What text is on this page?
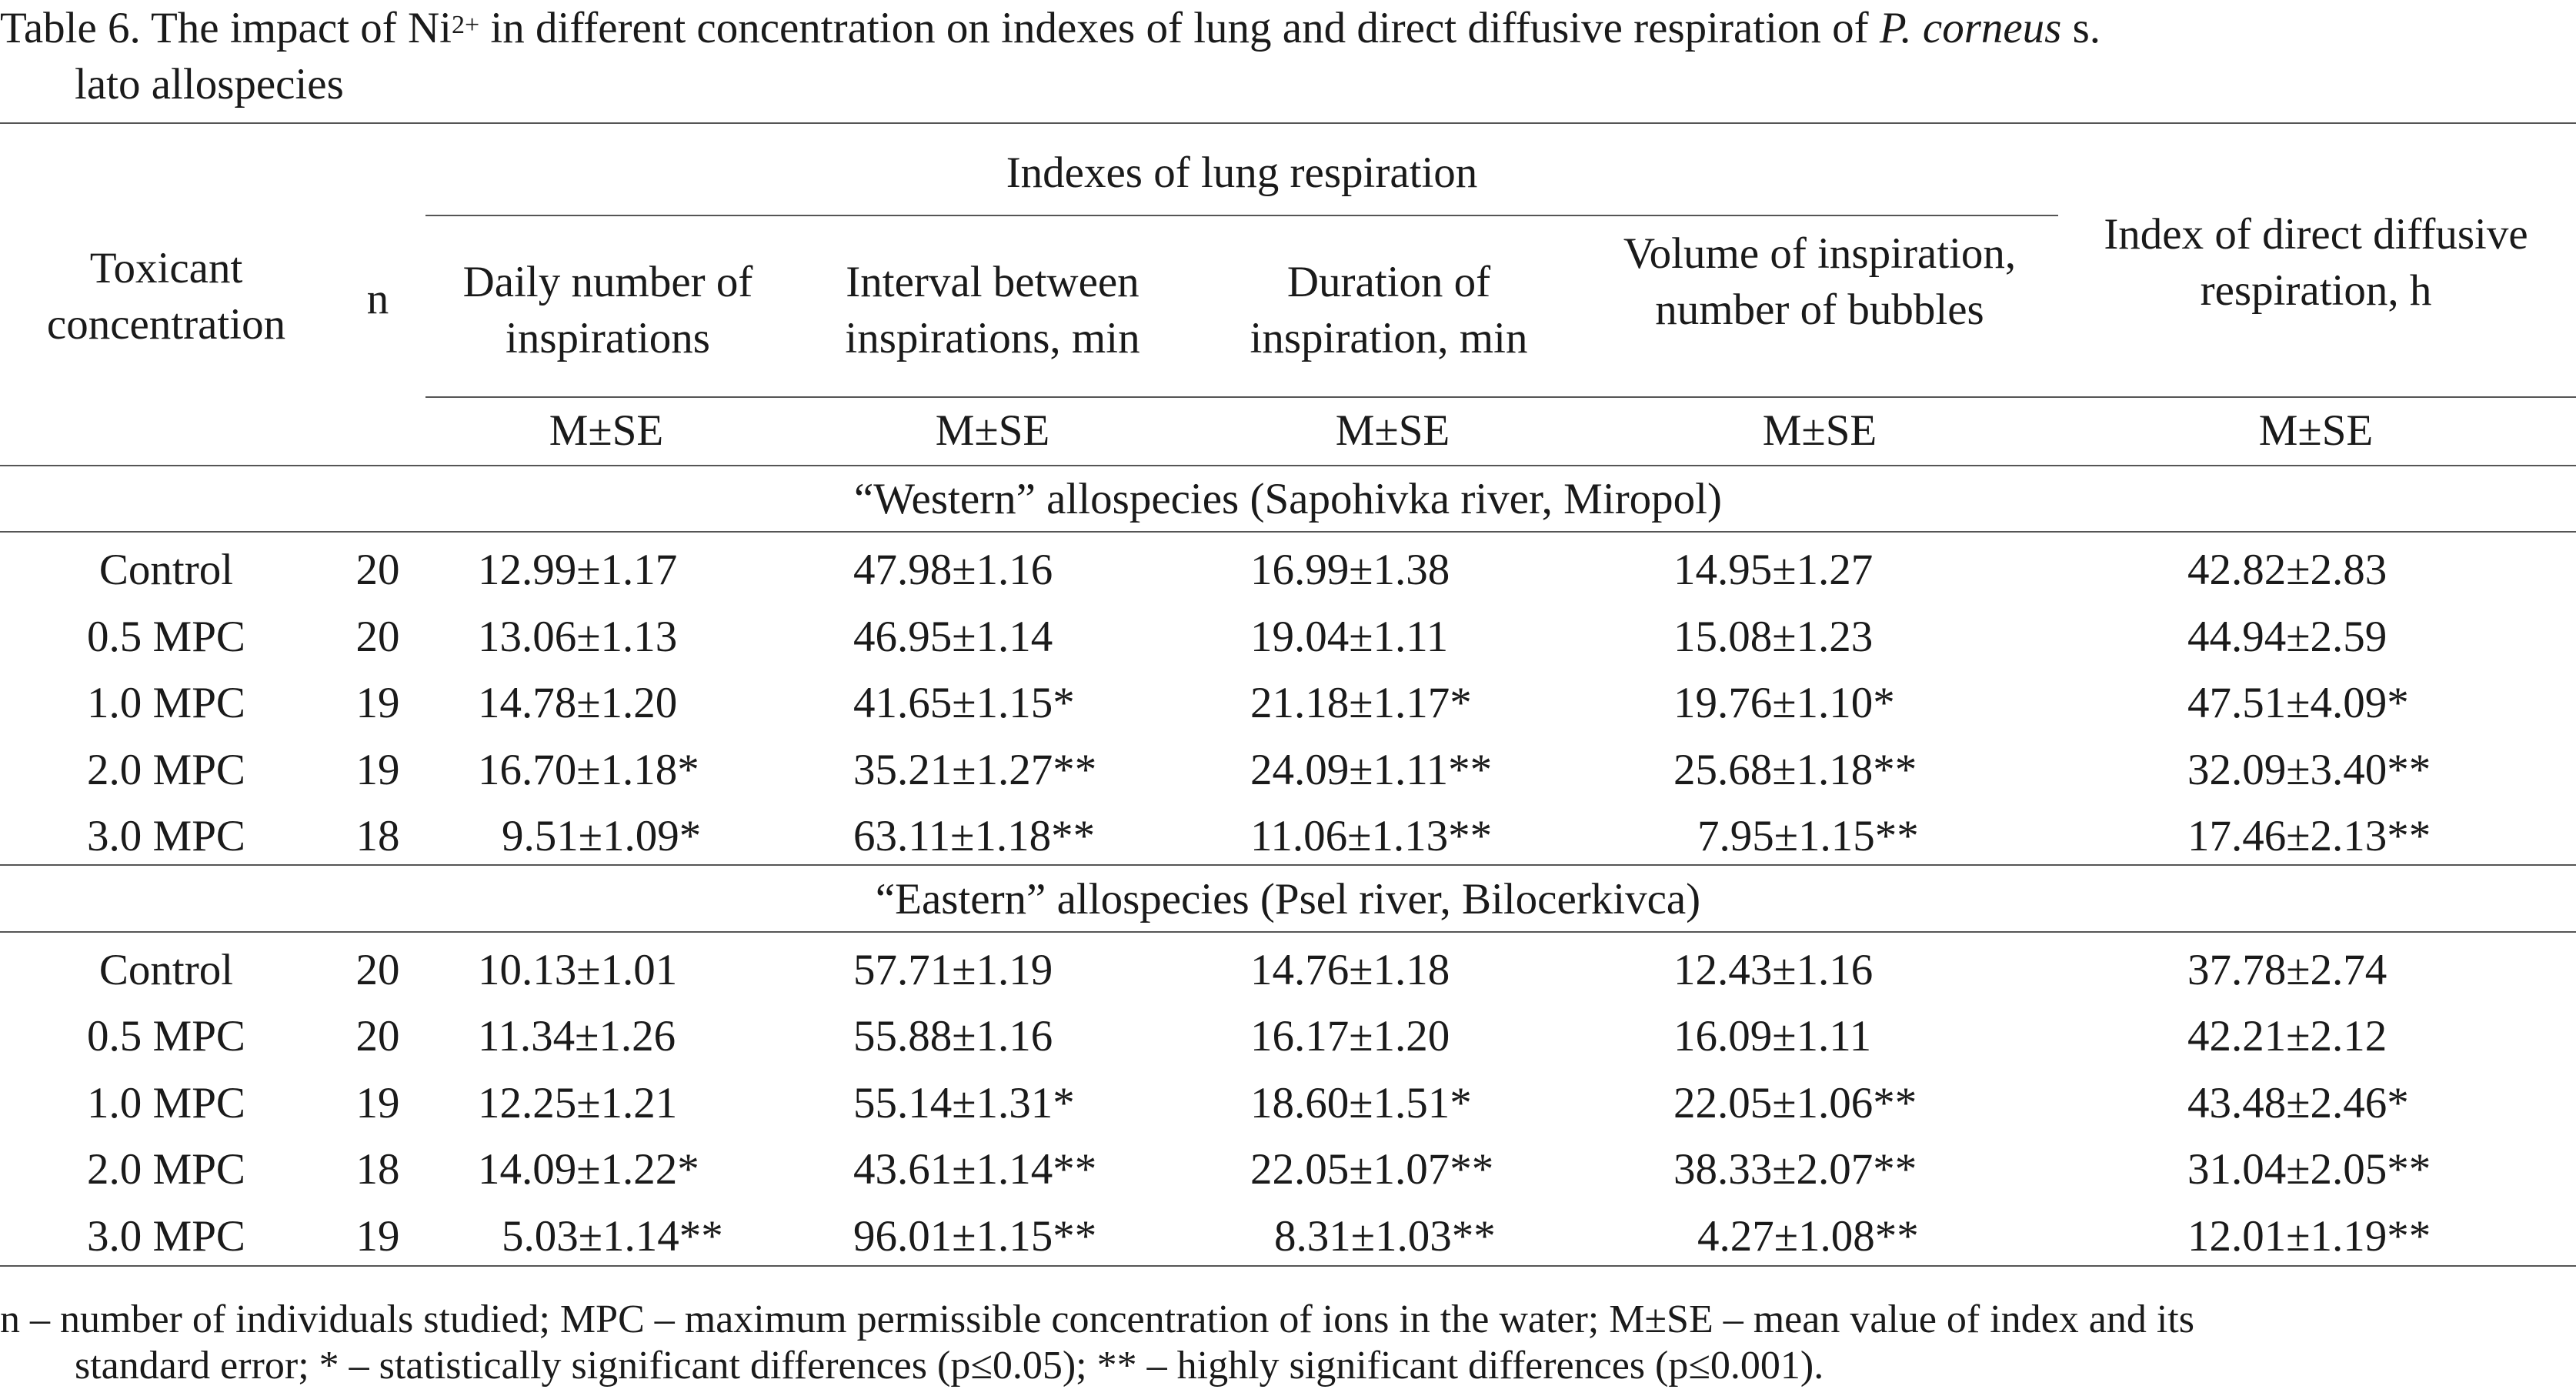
Table 6. The impact of $Ni^{2+}$ in different concentration on indexes of lung and direct diffusive respiration of P. corneus s.
lato allospecies
Toxicant concentration
n
Indexes of lung respiration
Daily number of inspirations
Interval between inspirations, min
Duration of inspiration, min
Volume of inspiration, number of bubbles
Index of direct diffusive respiration, h
M±SE	M±SE	M±SE	M±SE	M±SE
“Western” allospecies (Sapohivka river, Miropol)
Control	20	12.99±1.17	47.98±1.16	16.99±1.38	14.95±1.27	42.82±2.83
0.5 MPC	20	13.06±1.13	46.95±1.14	19.04±1.11	15.08±1.23	44.94±2.59
1.0 MPC	19	14.78±1.20	41.65±1.15*	21.18±1.17*	19.76±1.10*	47.51±4.09*
2.0 MPC	19	16.70±1.18*	35.21±1.27**	24.09±1.11**	25.68±1.18**	32.09±3.40**
3.0 MPC	18	9.51±1.09*	63.11±1.18**	11.06±1.13**	7.95±1.15**	17.46±2.13**
“Eastern” allospecies (Psel river, Bilocerkivca)
Control	20	10.13±1.01	57.71±1.19	14.76±1.18	12.43±1.16	37.78±2.74
0.5 MPC	20	11.34±1.26	55.88±1.16	16.17±1.20	16.09±1.11	42.21±2.12
1.0 MPC	19	12.25±1.21	55.14±1.31*	18.60±1.51*	22.05±1.06**	43.48±2.46*
2.0 MPC	18	14.09±1.22*	43.61±1.14**	22.05±1.07**	38.33±2.07**	31.04±2.05**
3.0 MPC	19	5.03±1.14**	96.01±1.15**	8.31±1.03**	4.27±1.08**	12.01±1.19**
n – number of individuals studied; MPC – maximum permissible concentration of ions in the water; M±SE – mean value of index and its
standard error; * – statistically significant differences (p≤0.05); ** – highly significant differences (p≤0.001).
